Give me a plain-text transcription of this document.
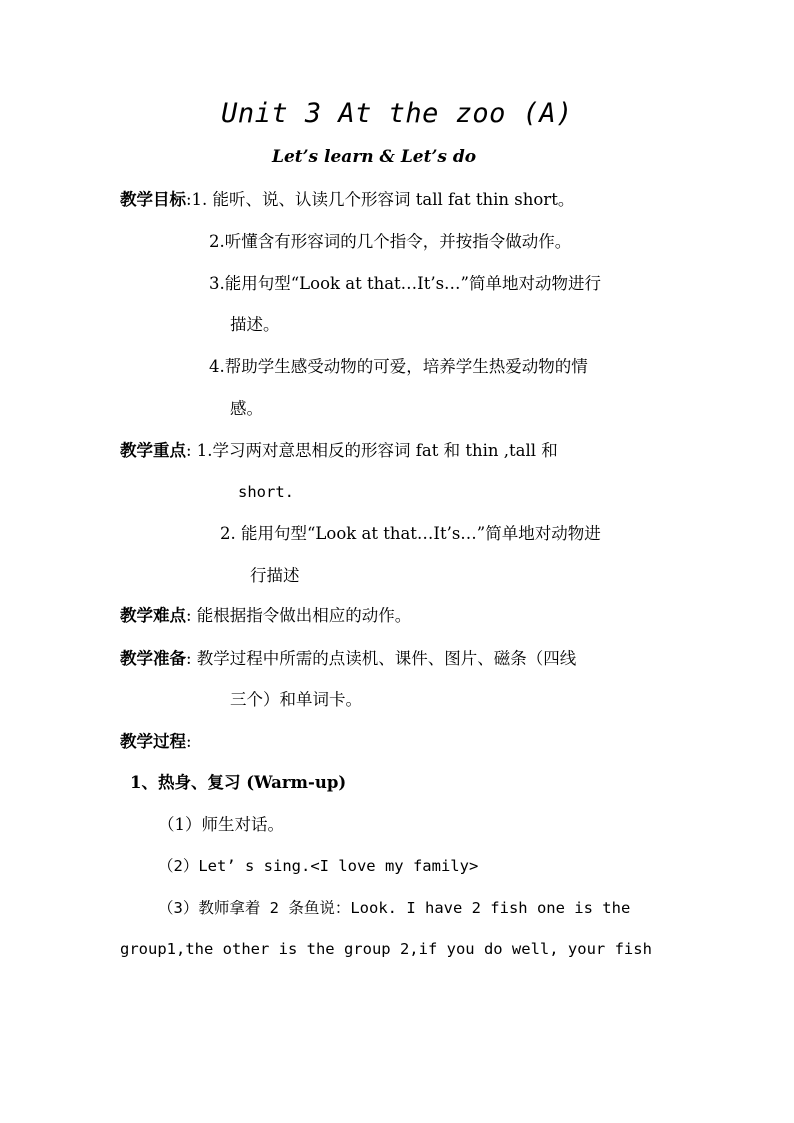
Unit 3 At the zoo (A)
Let’s learn & Let’s do
教学目标:1. 能听、说、认读几个形容词 tall fat thin short。
2.听懂含有形容词的几个指令，并按指令做动作。
3.能用句型“Look at that…It’s…”简单地对动物进行
描述。
4.帮助学生感受动物的可爱，培养学生热爱动物的情
感。
教学重点: 1.学习两对意思相反的形容词 fat 和 thin ,tall 和
short.
2. 能用句型“Look at that…It’s…”简单地对动物进
行描述
教学难点: 能根据指令做出相应的动作。
教学准备: 教学过程中所需的点读机、课件、图片、磁条（四线
三个）和单词卡。
教学过程:
1、热身、复习 (Warm-up)
（1）师生对话。
（2）Let’ s sing.<I love my family>
（3）教师拿着 2 条鱼说：Look. I have 2 fish one is the
group1,the other is the group 2,if you do well, your fish
